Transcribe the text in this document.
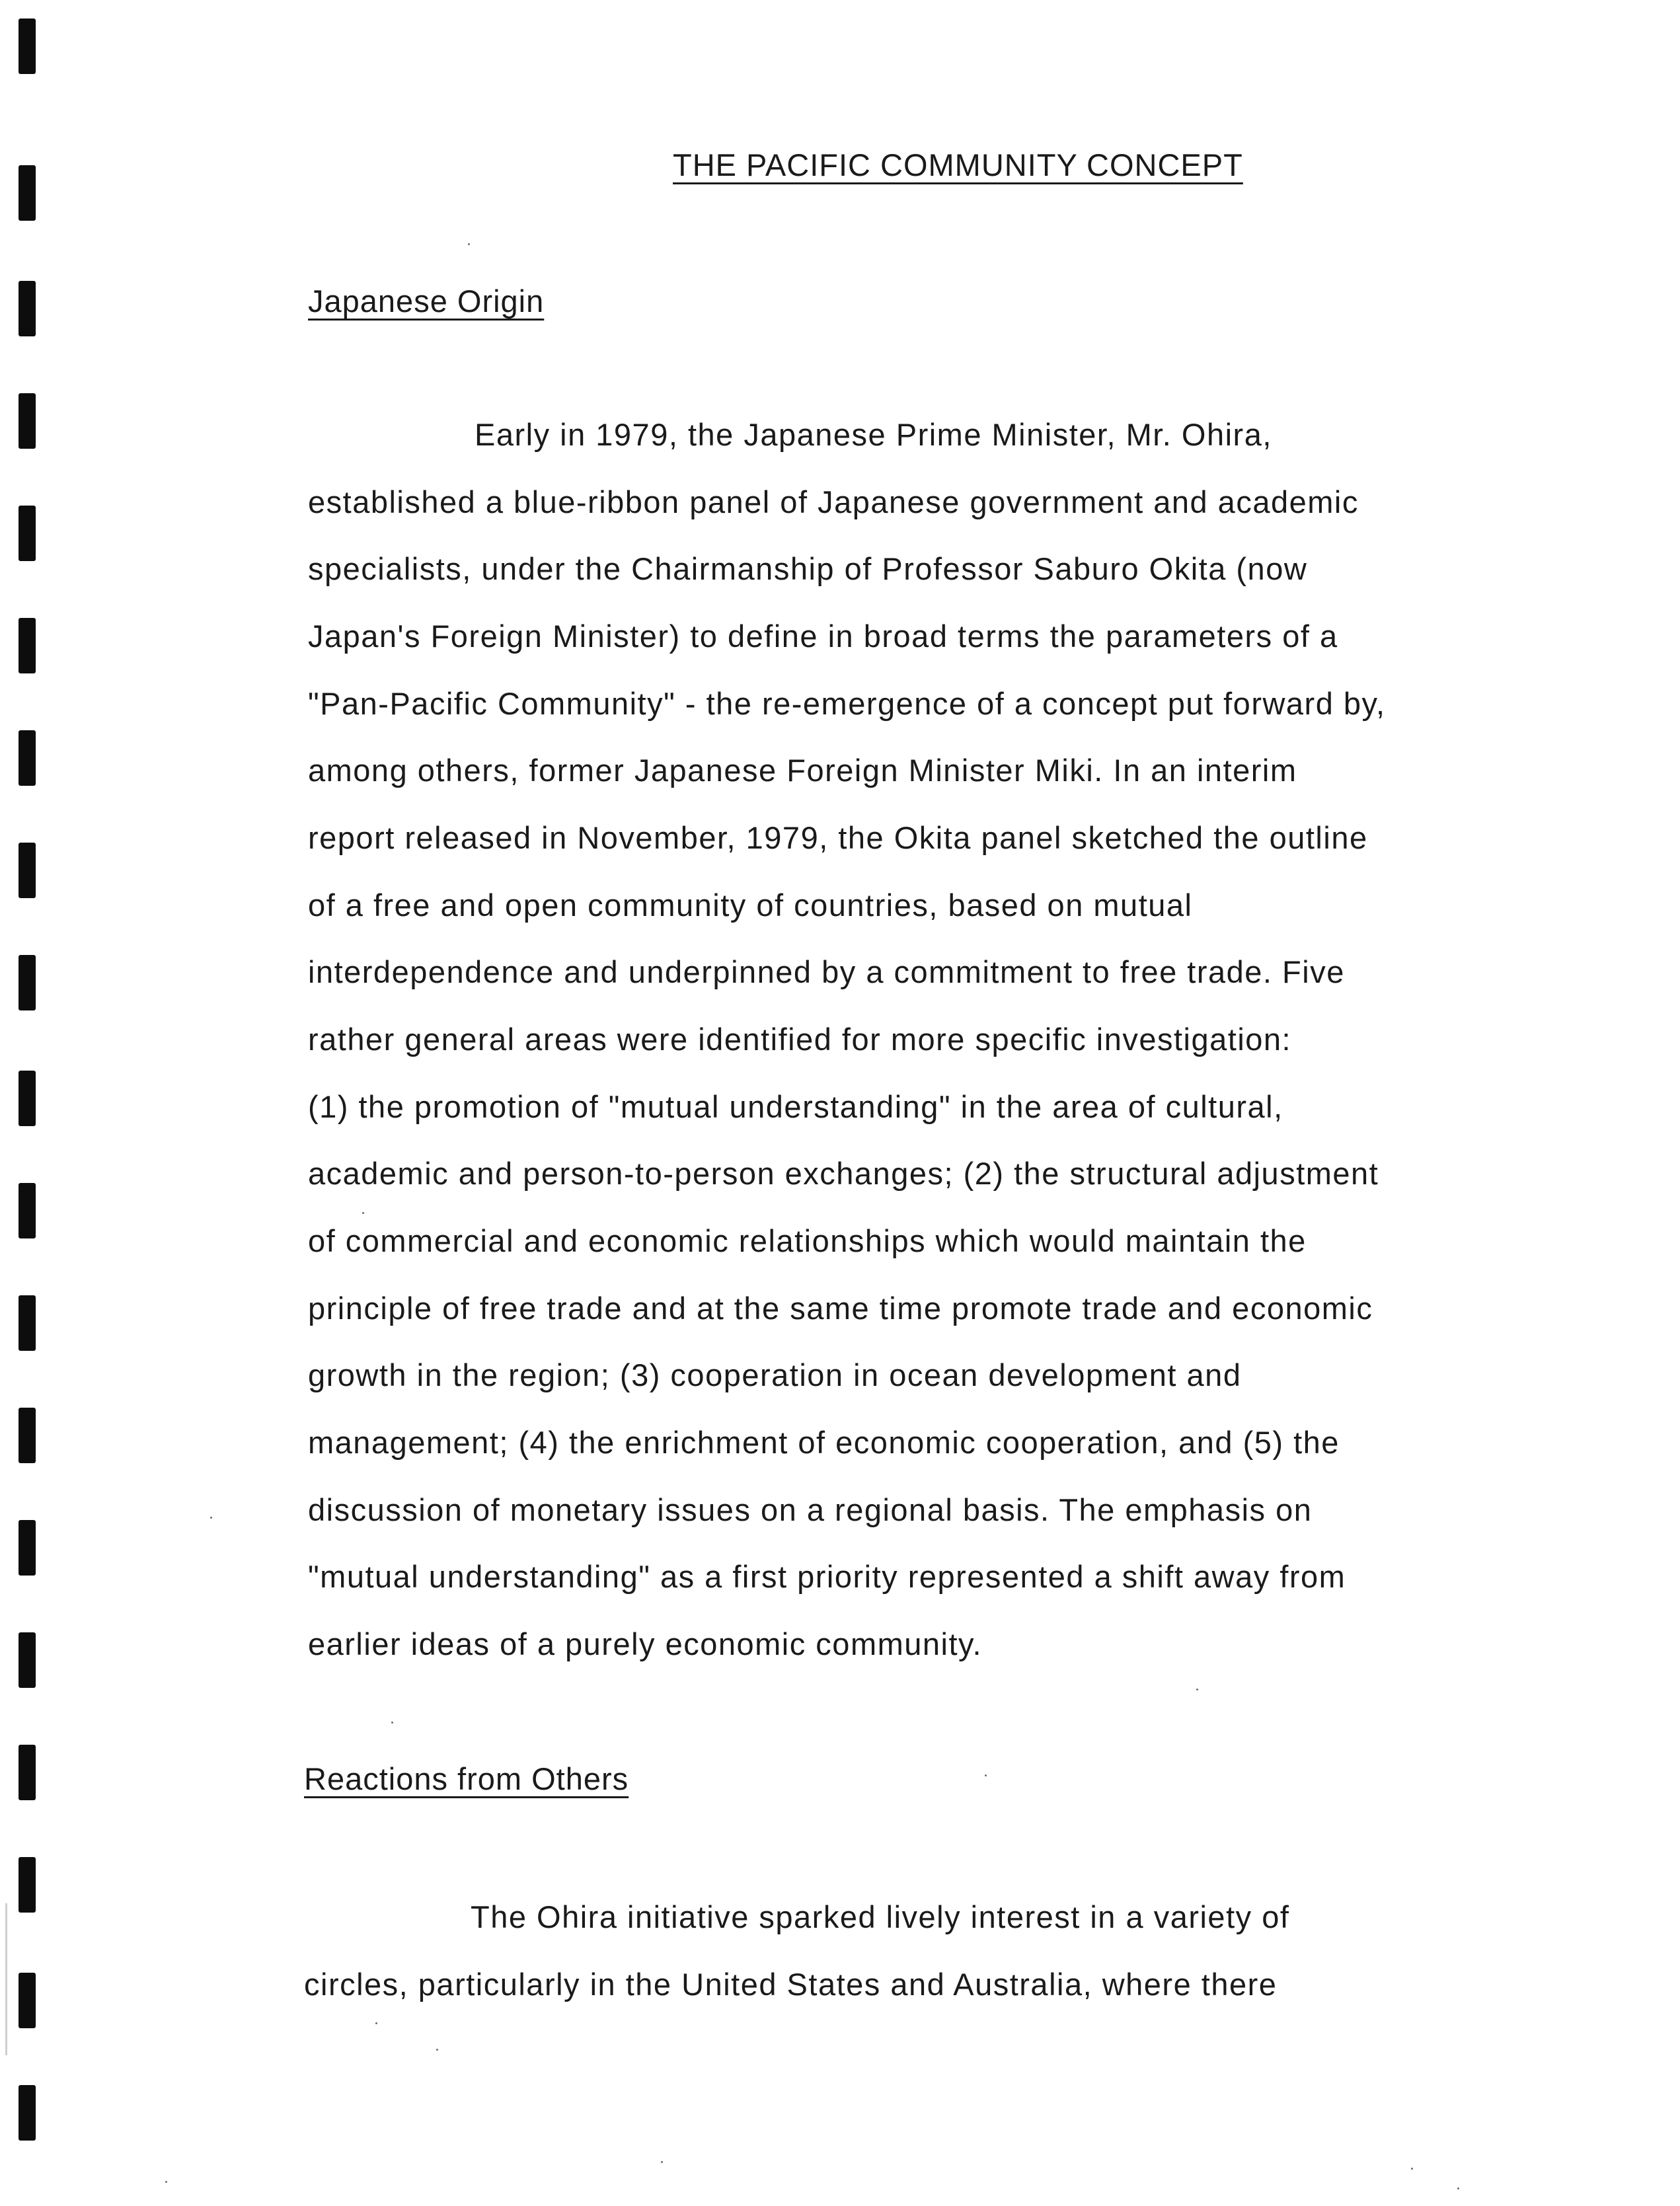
THE PACIFIC COMMUNITY CONCEPT
Japanese Origin
Early in 1979, the Japanese Prime Minister, Mr. Ohira,
established a blue-ribbon panel of Japanese government and academic
specialists, under the Chairmanship of Professor Saburo Okita (now
Japan's Foreign Minister) to define in broad terms the parameters of a
"Pan-Pacific Community" - the re-emergence of a concept put forward by,
among others, former Japanese Foreign Minister Miki. In an interim
report released in November, 1979, the Okita panel sketched the outline
of a free and open community of countries, based on mutual
interdependence and underpinned by a commitment to free trade. Five
rather general areas were identified for more specific investigation:
(1) the promotion of "mutual understanding" in the area of cultural,
academic and person-to-person exchanges; (2) the structural adjustment
of commercial and economic relationships which would maintain the
principle of free trade and at the same time promote trade and economic
growth in the region; (3) cooperation in ocean development and
management; (4) the enrichment of economic cooperation, and (5) the
discussion of monetary issues on a regional basis. The emphasis on
"mutual understanding" as a first priority represented a shift away from
earlier ideas of a purely economic community.
Reactions from Others
The Ohira initiative sparked lively interest in a variety of
circles, particularly in the United States and Australia, where there
